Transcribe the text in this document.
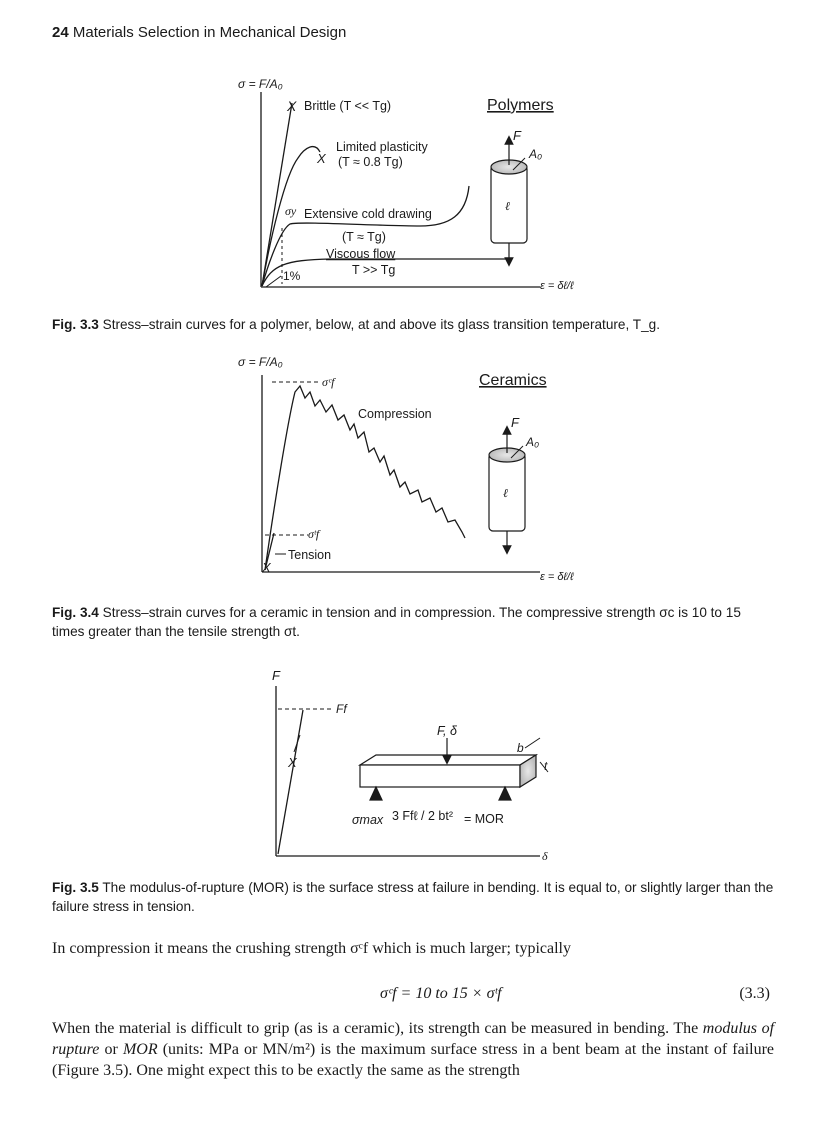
24 Materials Selection in Mechanical Design
X
X
σ = F/A₀
Brittle (T << Tg)	Polymers
Limited plasticity
(T ≈ 0.8 Tg)
σy Extensive cold drawing
(T ≈ Tg)
Viscous flow
T >> Tg
1%
ε = δℓ/ℓ
F
A₀
ℓ
σ = F/A₀
σᶜf	Ceramics
Compression
σᵗf
Tension
X
ε = δℓ/ℓ
F
A₀
ℓ
F
Ff
X
δ
F, δ
b
t
σmax 3 Ffℓ / 2 bt² = MOR
Fig. 3.3 Stress–strain curves for a polymer, below, at and above its glass transition temperature, T_g.
Fig. 3.4 Stress–strain curves for a ceramic in tension and in compression. The compressive strength σc is 10 to 15 times greater than the tensile strength σt.
Fig. 3.5 The modulus-of-rupture (MOR) is the surface stress at failure in bending. It is equal to, or slightly larger than the failure stress in tension.
In compression it means the crushing strength σᶜf which is much larger; typically
σᶜf = 10 to 15 × σᵗf	(3.3)
When the material is difficult to grip (as is a ceramic), its strength can be measured in bending. The modulus of rupture or MOR (units: MPa or MN/m²) is the maximum surface stress in a bent beam at the instant of failure (Figure 3.5). One might expect this to be exactly the same as the strength
